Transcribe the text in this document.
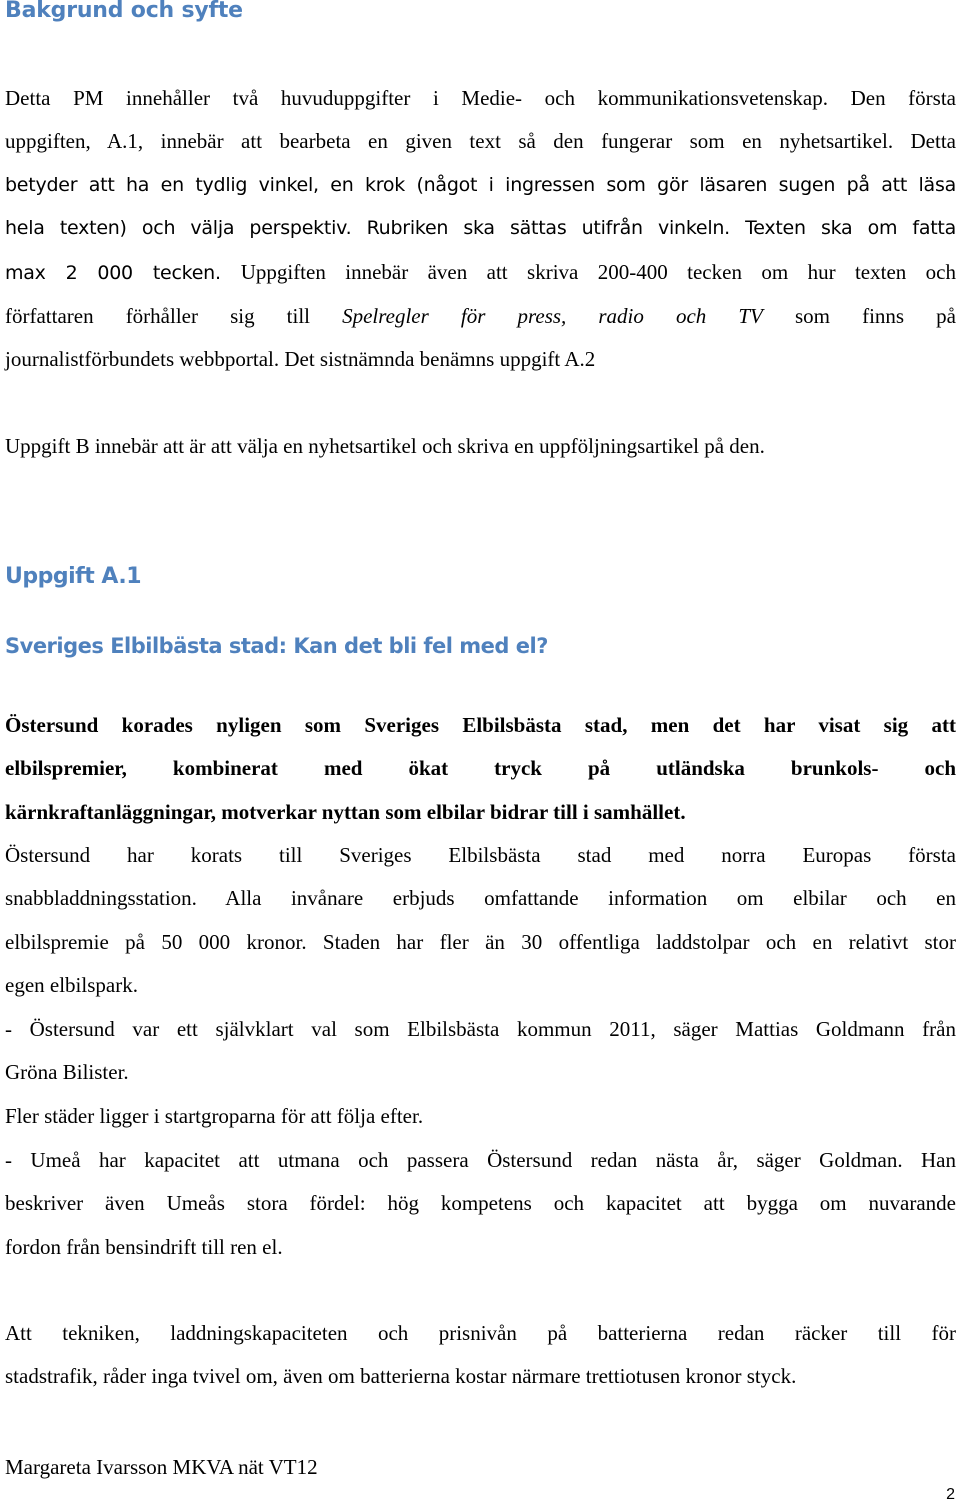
Bakgrund och syfte

Detta PM innehåller två huvuduppgifter i Medie- och kommunikationsvetenskap. Den första
uppgiften, A.1, innebär att bearbeta en given text så den fungerar som en nyhetsartikel. Detta
betyder att ha en tydlig vinkel, en krok (något i ingressen som gör läsaren sugen på att läsa
hela texten) och välja perspektiv. Rubriken ska sättas utifrån vinkeln. Texten ska om fatta
max 2 000 tecken. Uppgiften innebär även att skriva 200-400 tecken om hur texten och
författaren förhåller sig till Spelregler för press, radio och TV som finns på
journalistförbundets webbportal. Det sistnämnda benämns uppgift A.2

Uppgift B innebär att är att välja en nyhetsartikel och skriva en uppföljningsartikel på den.

Uppgift A.1
Sveriges Elbilbästa stad: Kan det bli fel med el?

Östersund korades nyligen som Sveriges Elbilsbästa stad, men det har visat sig att
elbilspremier, kombinerat med ökat tryck på utländska brunkols- och
kärnkraftanläggningar, motverkar nyttan som elbilar bidrar till i samhället.

Östersund har korats till Sveriges Elbilsbästa stad med norra Europas första
snabbladdningsstation. Alla invånare erbjuds omfattande information om elbilar och en
elbilspremie på 50 000 kronor. Staden har fler än 30 offentliga laddstolpar och en relativt stor
egen elbilspark.

- Östersund var ett självklart val som Elbilsbästa kommun 2011, säger Mattias Goldmann från
Gröna Bilister.

Fler städer ligger i startgroparna för att följa efter.

- Umeå har kapacitet att utmana och passera Östersund redan nästa år, säger Goldman. Han
beskriver även Umeås stora fördel: hög kompetens och kapacitet att bygga om nuvarande
fordon från bensindrift till ren el.

Att tekniken, laddningskapaciteten och prisnivån på batterierna redan räcker till för
stadstrafik, råder inga tvivel om, även om batterierna kostar närmare trettiotusen kronor styck.

Margareta Ivarsson MKVA nät VT12

2
